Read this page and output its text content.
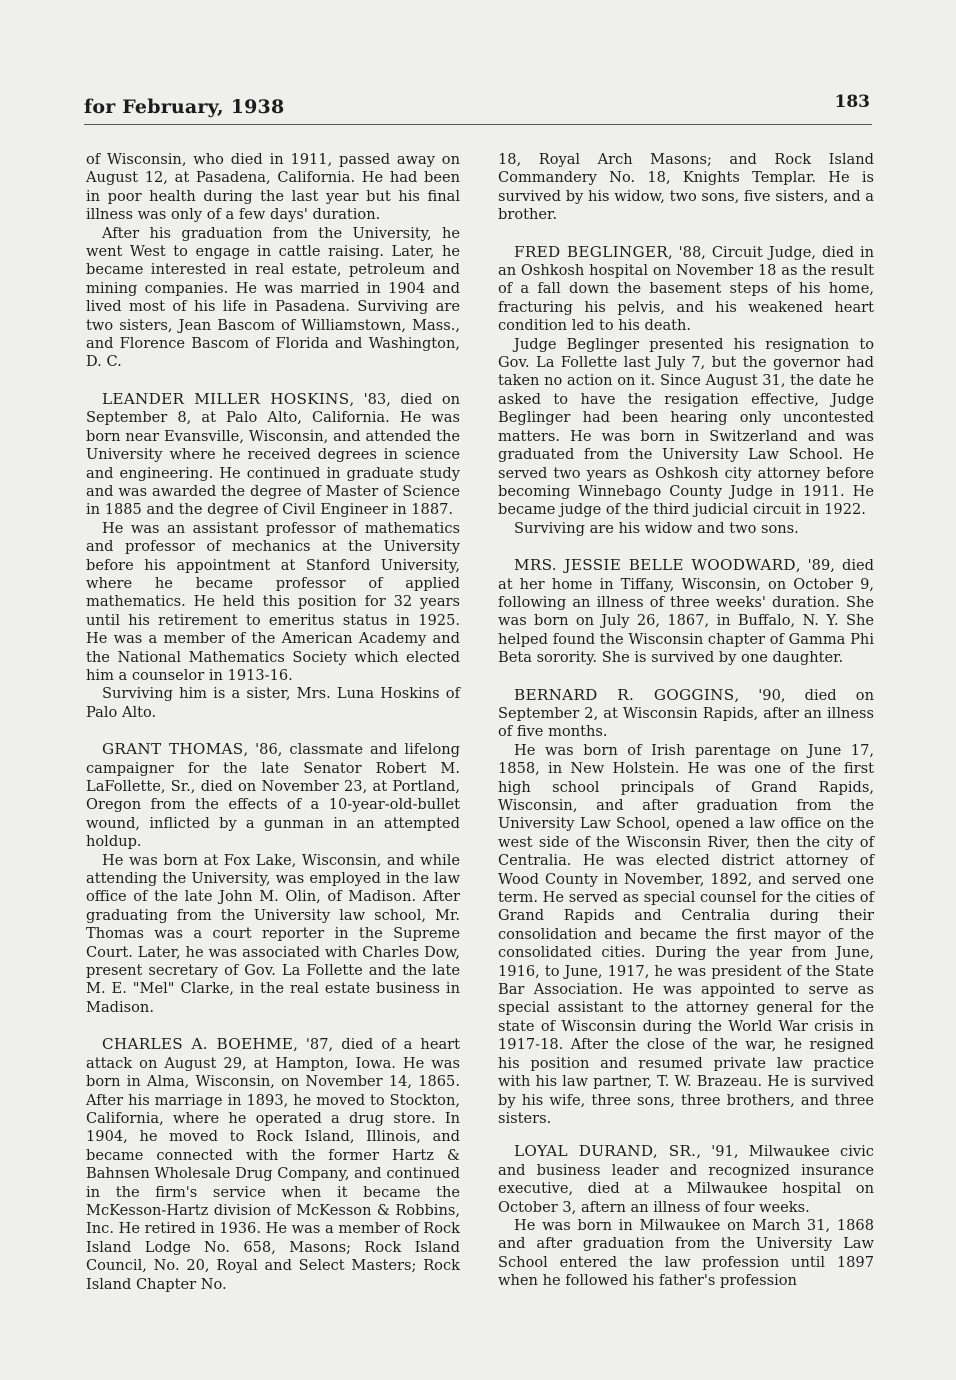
for February, 1938	183

of Wisconsin, who died in 1911, passed away on August 12, at Pasadena, California. He had been in poor health during the last year but his final illness was only of a few days' duration.

After his graduation from the University, he went West to engage in cattle raising. Later, he became interested in real estate, petroleum and mining companies. He was married in 1904 and lived most of his life in Pasadena. Surviving are two sisters, Jean Bascom of Williamstown, Mass., and Florence Bascom of Florida and Washington, D. C.

LEANDER MILLER HOSKINS, '83, died on September 8, at Palo Alto, California. He was born near Evansville, Wisconsin, and attended the University where he received degrees in science and engineering. He continued in graduate study and was awarded the degree of Master of Science in 1885 and the degree of Civil Engineer in 1887.

He was an assistant professor of mathematics and professor of mechanics at the University before his appointment at Stanford University, where he became professor of applied mathematics. He held this position for 32 years until his retirement to emeritus status in 1925. He was a member of the American Academy and the National Mathematics Society which elected him a counselor in 1913-16.

Surviving him is a sister, Mrs. Luna Hoskins of Palo Alto.

GRANT THOMAS, '86, classmate and lifelong campaigner for the late Senator Robert M. LaFollette, Sr., died on November 23, at Portland, Oregon from the effects of a 10-year-old-bullet wound, inflicted by a gunman in an attempted holdup.

He was born at Fox Lake, Wisconsin, and while attending the University, was employed in the law office of the late John M. Olin, of Madison. After graduating from the University law school, Mr. Thomas was a court reporter in the Supreme Court. Later, he was associated with Charles Dow, present secretary of Gov. La Follette and the late M. E. "Mel" Clarke, in the real estate business in Madison.

CHARLES A. BOEHME, '87, died of a heart attack on August 29, at Hampton, Iowa. He was born in Alma, Wisconsin, on November 14, 1865. After his marriage in 1893, he moved to Stockton, California, where he operated a drug store. In 1904, he moved to Rock Island, Illinois, and became connected with the former Hartz & Bahnsen Wholesale Drug Company, and continued in the firm's service when it became the McKesson-Hartz division of McKesson & Robbins, Inc. He retired in 1936. He was a member of Rock Island Lodge No. 658, Masons; Rock Island Council, No. 20, Royal and Select Masters; Rock Island Chapter No.

18, Royal Arch Masons; and Rock Island Commandery No. 18, Knights Templar. He is survived by his widow, two sons, five sisters, and a brother.

FRED BEGLINGER, '88, Circuit Judge, died in an Oshkosh hospital on November 18 as the result of a fall down the basement steps of his home, fracturing his pelvis, and his weakened heart condition led to his death.

Judge Beglinger presented his resignation to Gov. La Follette last July 7, but the governor had taken no action on it. Since August 31, the date he asked to have the resigation effective, Judge Beglinger had been hearing only uncontested matters. He was born in Switzerland and was graduated from the University Law School. He served two years as Oshkosh city attorney before becoming Winnebago County Judge in 1911. He became judge of the third judicial circuit in 1922.

Surviving are his widow and two sons.

MRS. JESSIE BELLE WOODWARD, '89, died at her home in Tiffany, Wisconsin, on October 9, following an illness of three weeks' duration. She was born on July 26, 1867, in Buffalo, N. Y. She helped found the Wisconsin chapter of Gamma Phi Beta sorority. She is survived by one daughter.

BERNARD R. GOGGINS, '90, died on September 2, at Wisconsin Rapids, after an illness of five months.

He was born of Irish parentage on June 17, 1858, in New Holstein. He was one of the first high school principals of Grand Rapids, Wisconsin, and after graduation from the University Law School, opened a law office on the west side of the Wisconsin River, then the city of Centralia. He was elected district attorney of Wood County in November, 1892, and served one term. He served as special counsel for the cities of Grand Rapids and Centralia during their consolidation and became the first mayor of the consolidated cities. During the year from June, 1916, to June, 1917, he was president of the State Bar Association. He was appointed to serve as special assistant to the attorney general for the state of Wisconsin during the World War crisis in 1917-18. After the close of the war, he resigned his position and resumed private law practice with his law partner, T. W. Brazeau. He is survived by his wife, three sons, three brothers, and three sisters.

LOYAL DURAND, SR., '91, Milwaukee civic and business leader and recognized insurance executive, died at a Milwaukee hospital on October 3, aftern an illness of four weeks.

He was born in Milwaukee on March 31, 1868 and after graduation from the University Law School entered the law profession until 1897 when he followed his father's profession
